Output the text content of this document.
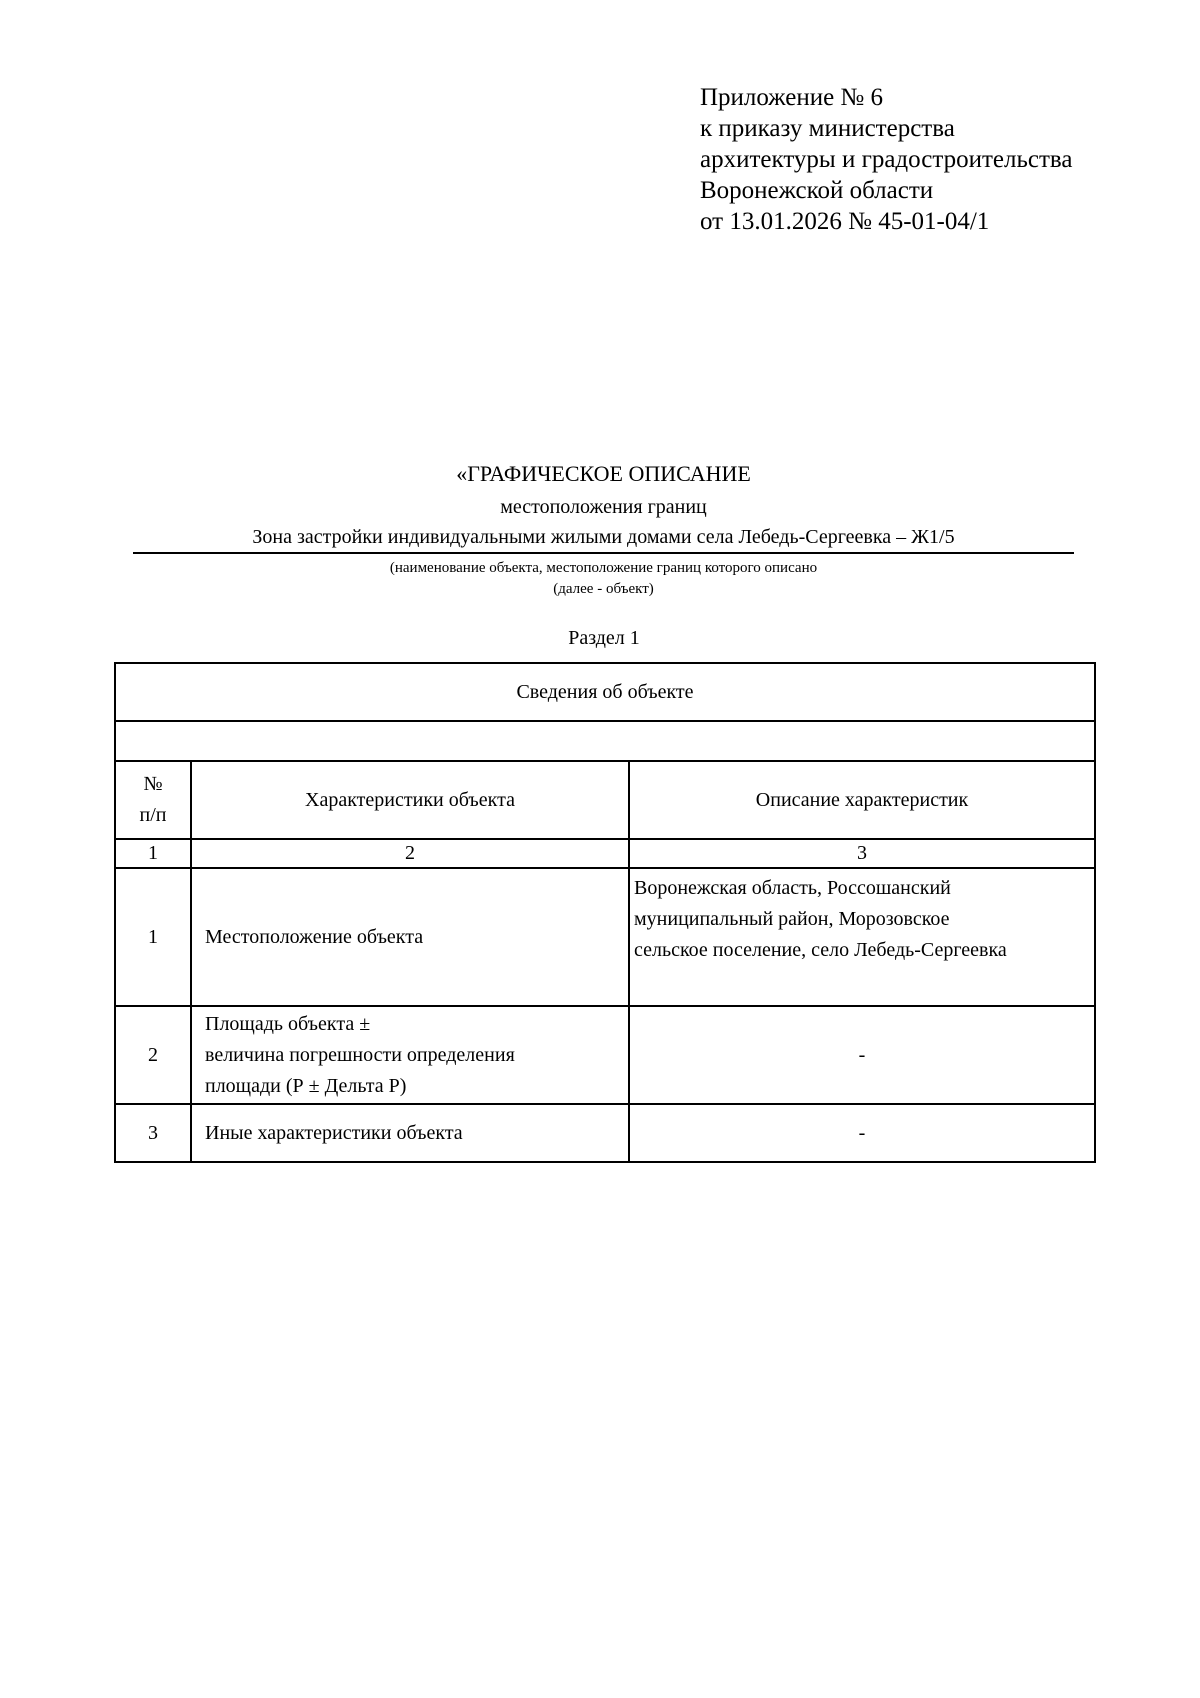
Приложение № 6
к приказу министерства
архитектуры и градостроительства
Воронежской области
от 13.01.2026 № 45-01-04/1
«ГРАФИЧЕСКОЕ ОПИСАНИЕ
местоположения границ
Зона застройки индивидуальными жилыми домами села Лебедь-Сергеевка – Ж1/5
(наименование объекта, местоположение границ которого описано
(далее - объект)
Раздел 1
Сведения об объекте		

№
п/п	Характеристики объекта	Описание характеристик
1	2	3
1	Местоположение объекта	Воронежская область, Россошанский
муниципальный район, Морозовское
сельское поселение, село Лебедь-Сергеевка

2	Площадь объекта ±
величина погрешности определения
площади (Р ± Дельта Р)	-
3	Иные характеристики объекта	-
